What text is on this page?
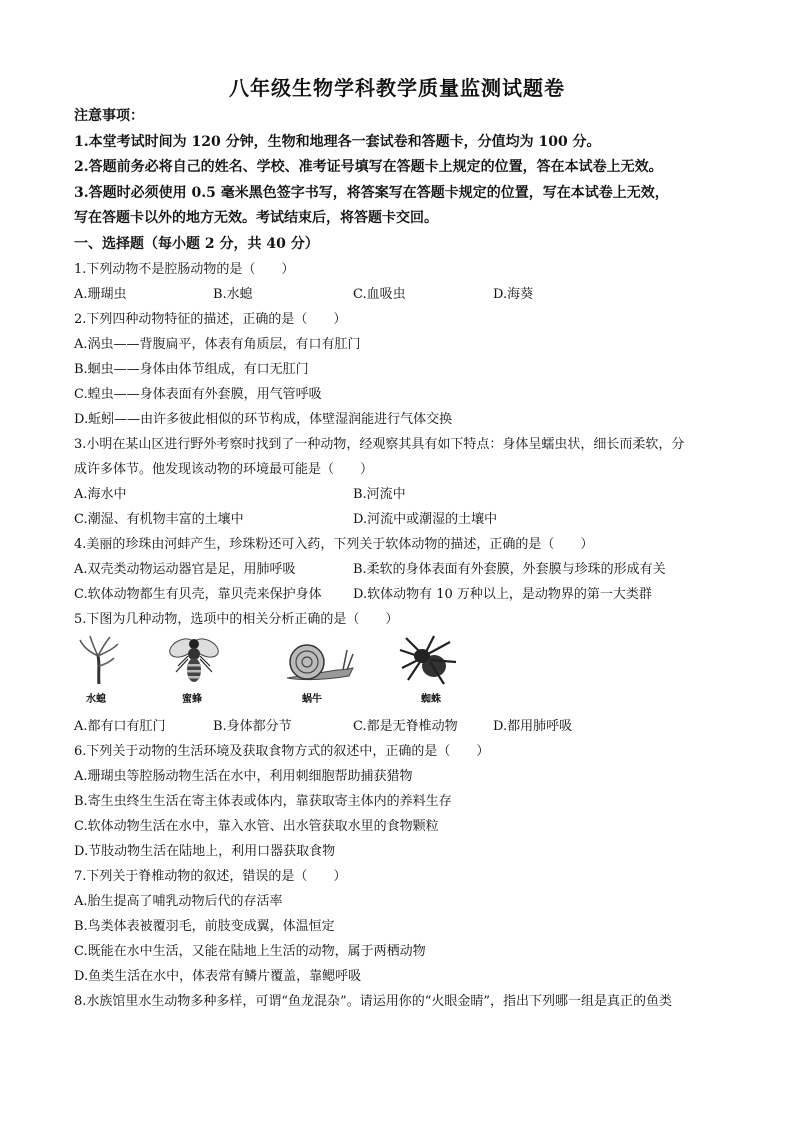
八年级生物学科教学质量监测试题卷
注意事项：
1.本堂考试时间为 120 分钟，生物和地理各一套试卷和答题卡，分值均为 100 分。
2.答题前务必将自己的姓名、学校、准考证号填写在答题卡上规定的位置，答在本试卷上无效。
3.答题时必须使用 0.5 毫米黑色签字书写，将答案写在答题卡规定的位置，写在本试卷上无效，
写在答题卡以外的地方无效。考试结束后，将答题卡交回。
一、选择题（每小题 2 分，共 40 分）
1.下列动物不是腔肠动物的是（　　）
A.珊瑚虫	B.水螅	C.血吸虫	D.海葵
2.下列四种动物特征的描述，正确的是（　　）
A.涡虫——背腹扁平，体表有角质层，有口有肛门
B.蛔虫——身体由体节组成，有口无肛门
C.蝗虫——身体表面有外套膜，用气管呼吸
D.蚯蚓——由许多彼此相似的环节构成，体壁湿润能进行气体交换
3.小明在某山区进行野外考察时找到了一种动物，经观察其具有如下特点：身体呈蠕虫状，细长而柔软，分
成许多体节。他发现该动物的环境最可能是（　　）
A.海水中	B.河流中
C.潮湿、有机物丰富的土壤中	D.河流中或潮湿的土壤中
4.美丽的珍珠由河蚌产生，珍珠粉还可入药，下列关于软体动物的描述，正确的是（　　）
A.双壳类动物运动器官是足，用肺呼吸	B.柔软的身体表面有外套膜，外套膜与珍珠的形成有关
C.软体动物都生有贝壳，靠贝壳来保护身体 D.软体动物有 10 万种以上，是动物界的第一大类群
5.下图为几种动物，选项中的相关分析正确的是（　　）
水螅	蜜蜂	蜗牛	蜘蛛
A.都有口有肛门	B.身体都分节	C.都是无脊椎动物	D.都用肺呼吸
6.下列关于动物的生活环境及获取食物方式的叙述中，正确的是（　　）
A.珊瑚虫等腔肠动物生活在水中，利用刺细胞帮助捕获猎物
B.寄生虫终生生活在寄主体表或体内，靠获取寄主体内的养料生存
C.软体动物生活在水中，靠入水管、出水管获取水里的食物颗粒
D.节肢动物生活在陆地上，利用口器获取食物
7.下列关于脊椎动物的叙述，错误的是（　　）
A.胎生提高了哺乳动物后代的存活率
B.鸟类体表被覆羽毛，前肢变成翼，体温恒定
C.既能在水中生活，又能在陆地上生活的动物，属于两栖动物
D.鱼类生活在水中，体表常有鳞片覆盖，靠鳃呼吸
8.水族馆里水生动物多种多样，可谓“鱼龙混杂”。请运用你的“火眼金睛”，指出下列哪一组是真正的鱼类
